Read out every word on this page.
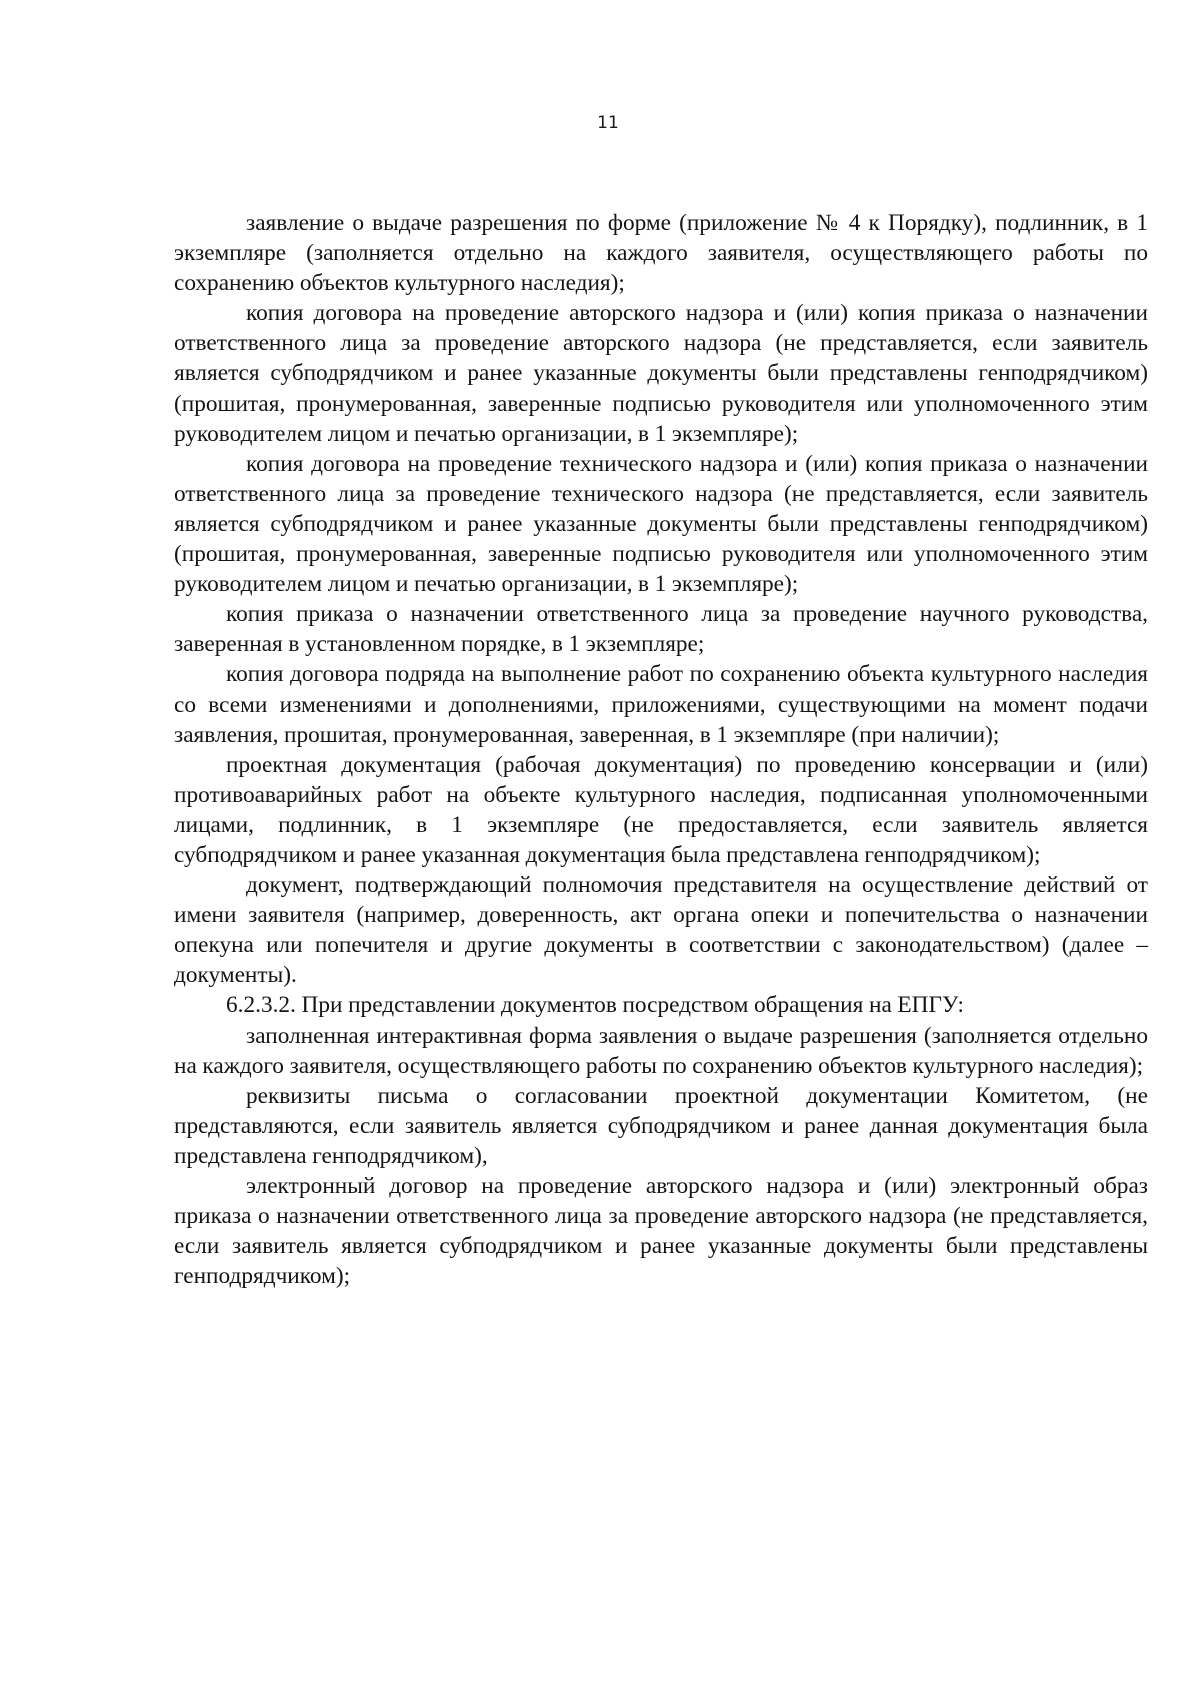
11

заявление о выдаче разрешения по форме (приложение № 4 к Порядку), подлинник, в 1 экземпляре (заполняется отдельно на каждого заявителя, осуществляющего работы по сохранению объектов культурного наследия);

копия договора на проведение авторского надзора и (или) копия приказа о назначении ответственного лица за проведение авторского надзора (не представляется, если заявитель является субподрядчиком и ранее указанные документы были представлены генподрядчиком) (прошитая, пронумерованная, заверенные подписью руководителя или уполномоченного этим руководителем лицом и печатью организации, в 1 экземпляре);

копия договора на проведение технического надзора и (или) копия приказа о назначении ответственного лица за проведение технического надзора (не представляется, если заявитель является субподрядчиком и ранее указанные документы были представлены генподрядчиком) (прошитая, пронумерованная, заверенные подписью руководителя или уполномоченного этим руководителем лицом и печатью организации, в 1 экземпляре);

копия приказа о назначении ответственного лица за проведение научного руководства, заверенная в установленном порядке, в 1 экземпляре;

копия договора подряда на выполнение работ по сохранению объекта культурного наследия со всеми изменениями и дополнениями, приложениями, существующими на момент подачи заявления, прошитая, пронумерованная, заверенная, в 1 экземпляре (при наличии);

проектная документация (рабочая документация) по проведению консервации и (или) противоаварийных работ на объекте культурного наследия, подписанная уполномоченными лицами, подлинник, в 1 экземпляре (не предоставляется, если заявитель является субподрядчиком и ранее указанная документация была представлена генподрядчиком);

документ, подтверждающий полномочия представителя на осуществление действий от имени заявителя (например, доверенность, акт органа опеки и попечительства о назначении опекуна или попечителя и другие документы в соответствии с законодательством) (далее – документы).

6.2.3.2. При представлении документов посредством обращения на ЕПГУ:

заполненная интерактивная форма заявления о выдаче разрешения (заполняется отдельно на каждого заявителя, осуществляющего работы по сохранению объектов культурного наследия);

реквизиты письма о согласовании проектной документации Комитетом, (не представляются, если заявитель является субподрядчиком и ранее данная документация была представлена генподрядчиком),

электронный договор на проведение авторского надзора и (или) электронный образ приказа о назначении ответственного лица за проведение авторского надзора (не представляется, если заявитель является субподрядчиком и ранее указанные документы были представлены генподрядчиком);
